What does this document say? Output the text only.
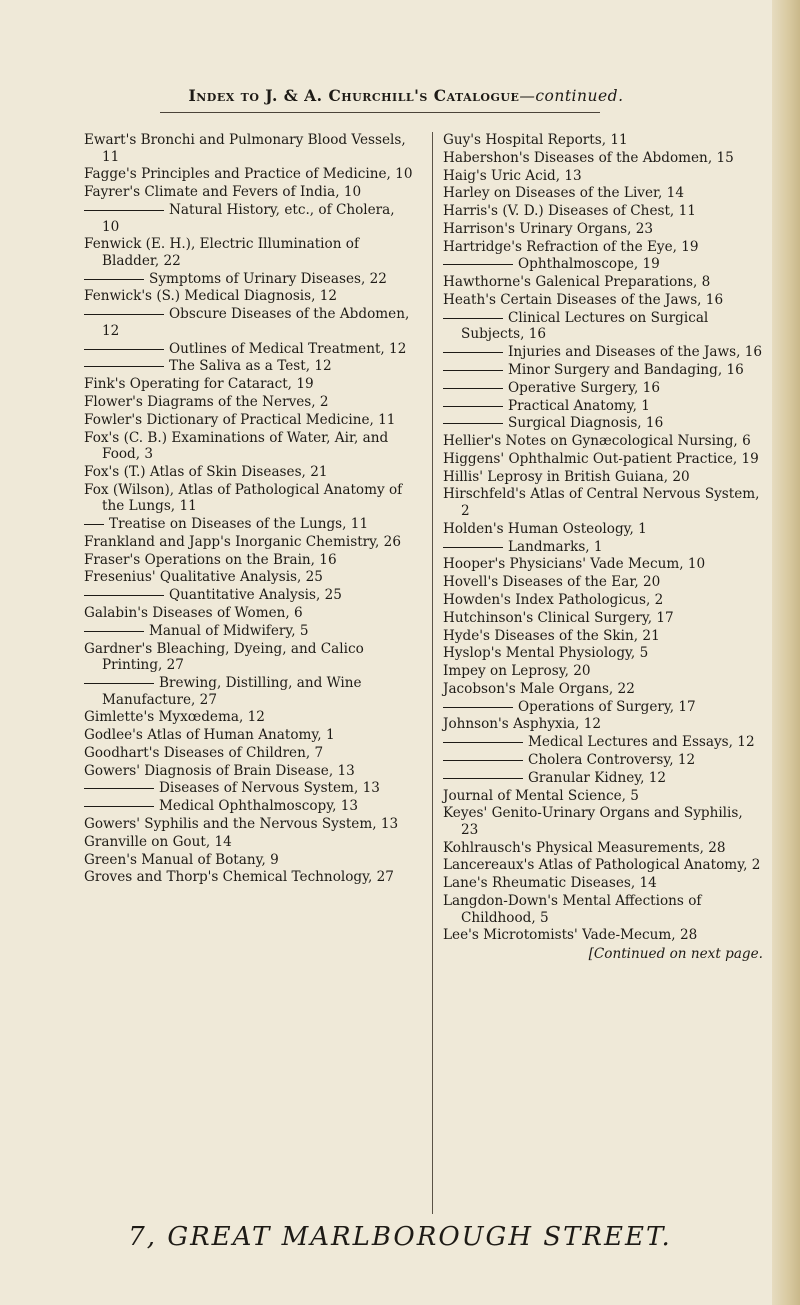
Index to J. & A. Churchill's Catalogue—continued.
Ewart's Bronchi and Pulmonary Blood Vessels, 11
Fagge's Principles and Practice of Medicine, 10
Fayrer's Climate and Fevers of India, 10
Natural History, etc., of Cholera, 10
Fenwick (E. H.), Electric Illumination of Bladder, 22
Symptoms of Urinary Diseases, 22
Fenwick's (S.) Medical Diagnosis, 12
Obscure Diseases of the Abdomen, 12
Outlines of Medical Treatment, 12
The Saliva as a Test, 12
Fink's Operating for Cataract, 19
Flower's Diagrams of the Nerves, 2
Fowler's Dictionary of Practical Medicine, 11
Fox's (C. B.) Examinations of Water, Air, and Food, 3
Fox's (T.) Atlas of Skin Diseases, 21
Fox (Wilson), Atlas of Pathological Anatomy of the Lungs, 11
Treatise on Diseases of the Lungs, 11
Frankland and Japp's Inorganic Chemistry, 26
Fraser's Operations on the Brain, 16
Fresenius' Qualitative Analysis, 25
Quantitative Analysis, 25
Galabin's Diseases of Women, 6
Manual of Midwifery, 5
Gardner's Bleaching, Dyeing, and Calico Printing, 27
Brewing, Distilling, and Wine Manufacture, 27
Gimlette's Myxœdema, 12
Godlee's Atlas of Human Anatomy, 1
Goodhart's Diseases of Children, 7
Gowers' Diagnosis of Brain Disease, 13
Diseases of Nervous System, 13
Medical Ophthalmoscopy, 13
Gowers' Syphilis and the Nervous System, 13
Granville on Gout, 14
Green's Manual of Botany, 9
Groves and Thorp's Chemical Technology, 27
Guy's Hospital Reports, 11
Habershon's Diseases of the Abdomen, 15
Haig's Uric Acid, 13
Harley on Diseases of the Liver, 14
Harris's (V. D.) Diseases of Chest, 11
Harrison's Urinary Organs, 23
Hartridge's Refraction of the Eye, 19
Ophthalmoscope, 19
Hawthorne's Galenical Preparations, 8
Heath's Certain Diseases of the Jaws, 16
Clinical Lectures on Surgical Subjects, 16
Injuries and Diseases of the Jaws, 16
Minor Surgery and Bandaging, 16
Operative Surgery, 16
Practical Anatomy, 1
Surgical Diagnosis, 16
Hellier's Notes on Gynæcological Nursing, 6
Higgens' Ophthalmic Out-patient Practice, 19
Hillis' Leprosy in British Guiana, 20
Hirschfeld's Atlas of Central Nervous System, 2
Holden's Human Osteology, 1
Landmarks, 1
Hooper's Physicians' Vade Mecum, 10
Hovell's Diseases of the Ear, 20
Howden's Index Pathologicus, 2
Hutchinson's Clinical Surgery, 17
Hyde's Diseases of the Skin, 21
Hyslop's Mental Physiology, 5
Impey on Leprosy, 20
Jacobson's Male Organs, 22
Operations of Surgery, 17
Johnson's Asphyxia, 12
Medical Lectures and Essays, 12
Cholera Controversy, 12
Granular Kidney, 12
Journal of Mental Science, 5
Keyes' Genito-Urinary Organs and Syphilis, 23
Kohlrausch's Physical Measurements, 28
Lancereaux's Atlas of Pathological Anatomy, 2
Lane's Rheumatic Diseases, 14
Langdon-Down's Mental Affections of Childhood, 5
Lee's Microtomists' Vade-Mecum, 28
[Continued on next page.
7, GREAT MARLBOROUGH STREET.
